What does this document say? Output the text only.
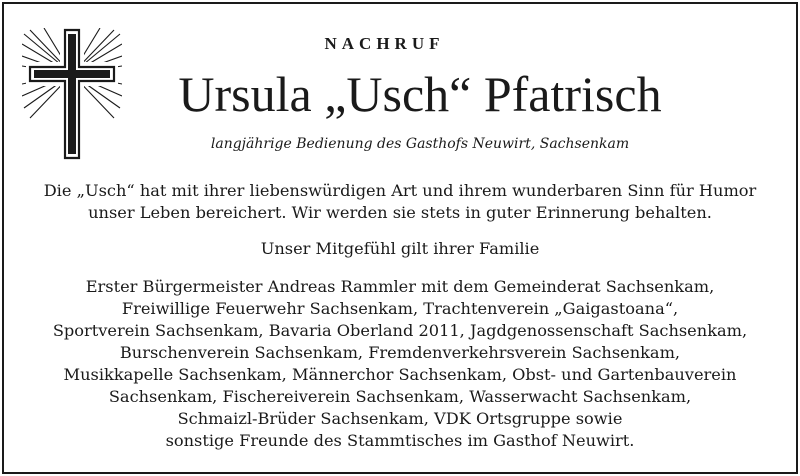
NACHRUF
Ursula „Usch“ Pfatrisch
langjährige Bedienung des Gasthofs Neuwirt, Sachsenkam
Die „Usch“ hat mit ihrer liebenswürdigen Art und ihrem wunderbaren Sinn für Humor
unser Leben bereichert. Wir werden sie stets in guter Erinnerung behalten.
Unser Mitgefühl gilt ihrer Familie
Erster Bürgermeister Andreas Rammler mit dem Gemeinderat Sachsenkam,
Freiwillige Feuerwehr Sachsenkam, Trachtenverein „Gaigastoana“,
Sportverein Sachsenkam, Bavaria Oberland 2011, Jagdgenossenschaft Sachsenkam,
Burschenverein Sachsenkam, Fremdenverkehrsverein Sachsenkam,
Musikkapelle Sachsenkam, Männerchor Sachsenkam, Obst- und Gartenbauverein
Sachsenkam, Fischereiverein Sachsenkam, Wasserwacht Sachsenkam,
Schmaizl-Brüder Sachsenkam, VDK Ortsgruppe sowie
sonstige Freunde des Stammtisches im Gasthof Neuwirt.
